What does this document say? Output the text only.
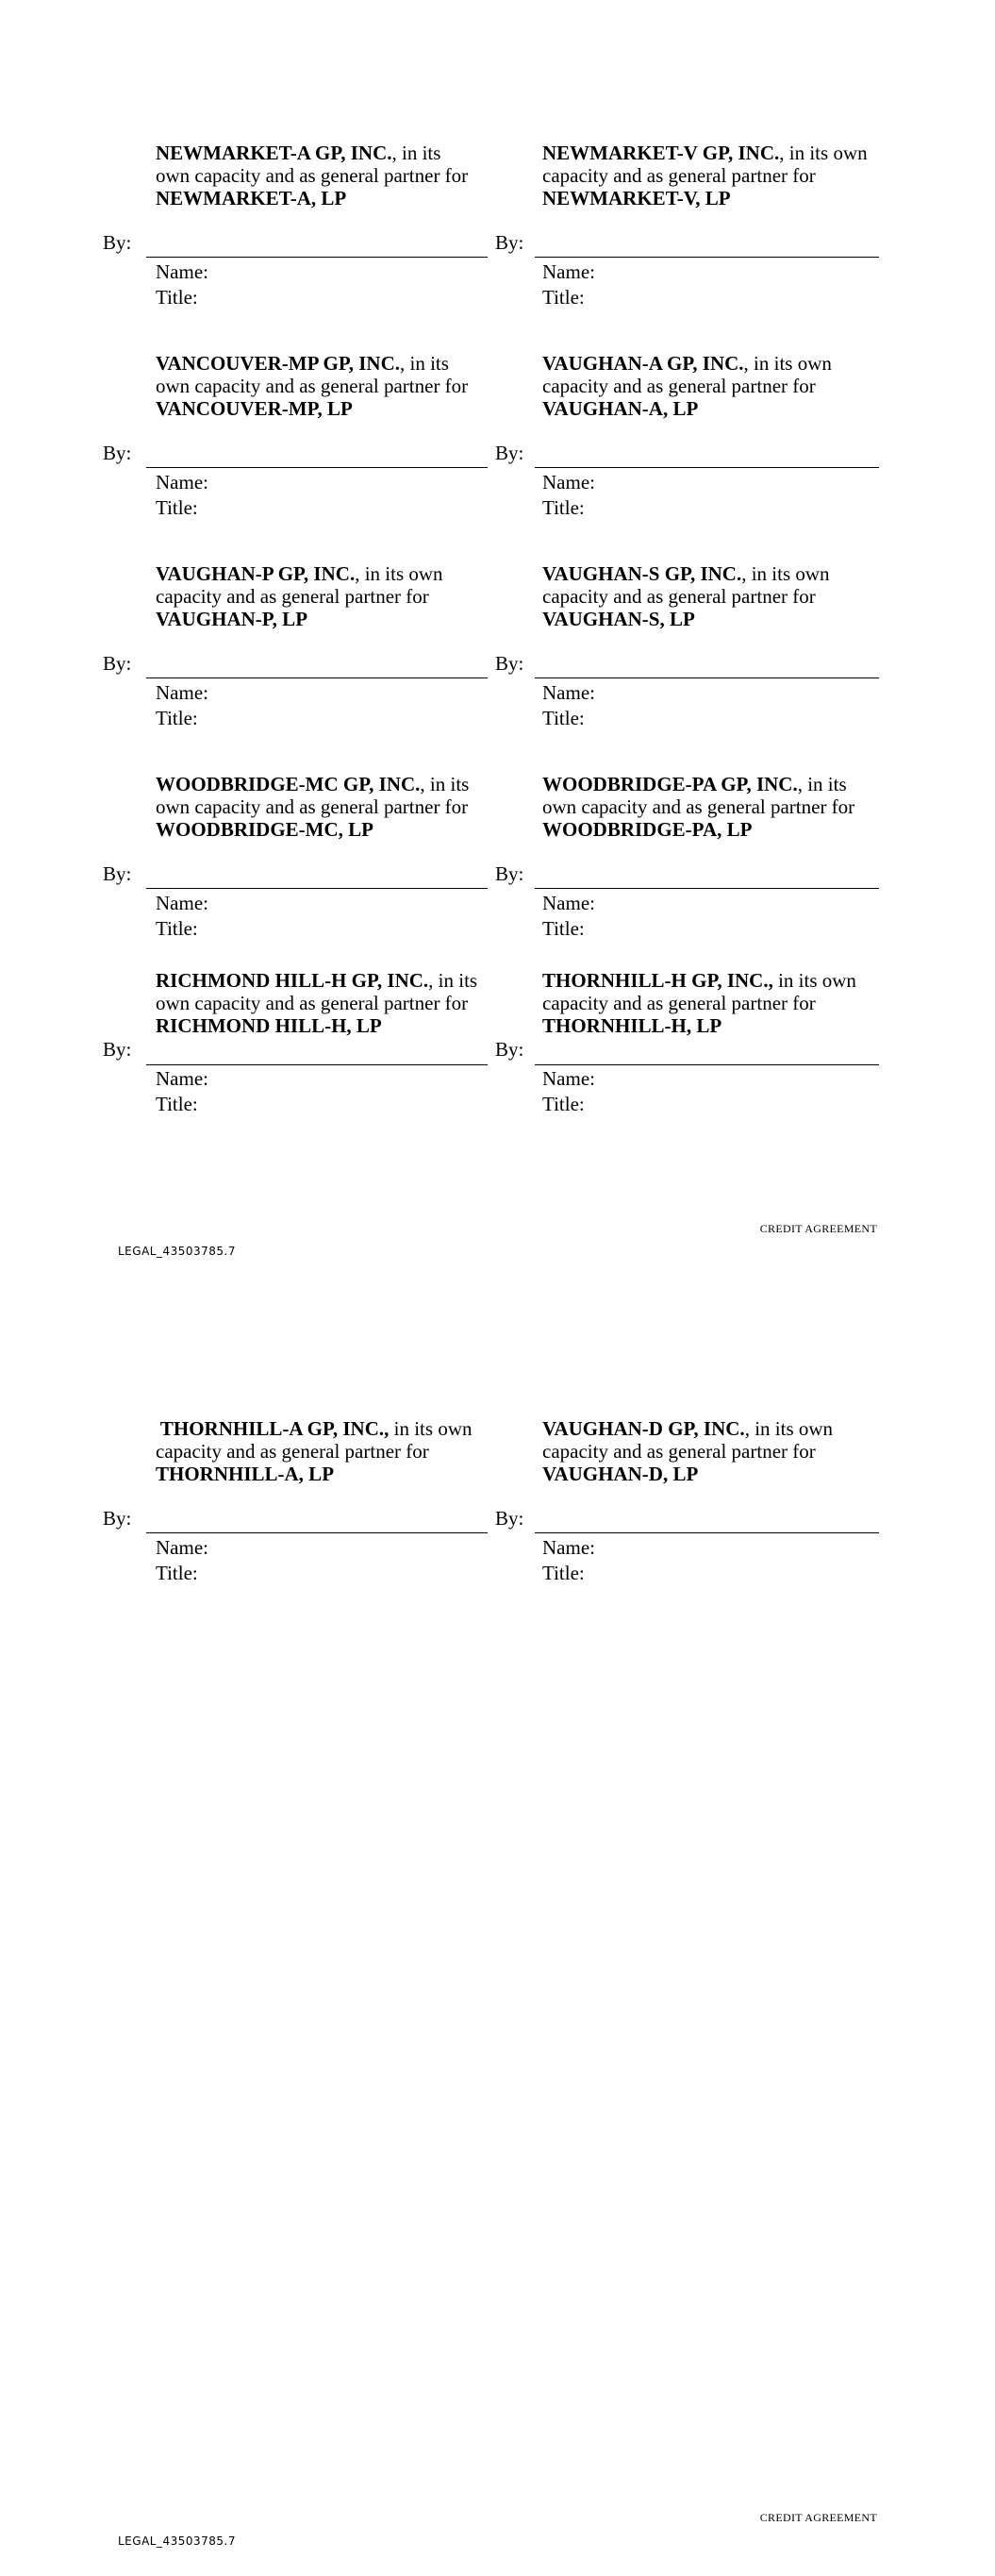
NEWMARKET-A GP, INC., in its
own capacity and as general partner for
NEWMARKET-A, LP
By:
Name:
Title:
NEWMARKET-V GP, INC., in its own
capacity and as general partner for
NEWMARKET-V, LP
By:
Name:
Title:
VANCOUVER-MP GP, INC., in its
own capacity and as general partner for
VANCOUVER-MP, LP
By:
Name:
Title:
VAUGHAN-A GP, INC., in its own
capacity and as general partner for
VAUGHAN-A, LP
By:
Name:
Title:
VAUGHAN-P GP, INC., in its own
capacity and as general partner for
VAUGHAN-P, LP
By:
Name:
Title:
VAUGHAN-S GP, INC., in its own
capacity and as general partner for
VAUGHAN-S, LP
By:
Name:
Title:
WOODBRIDGE-MC GP, INC., in its
own capacity and as general partner for
WOODBRIDGE-MC, LP
By:
Name:
Title:
WOODBRIDGE-PA GP, INC., in its
own capacity and as general partner for
WOODBRIDGE-PA, LP
By:
Name:
Title:
RICHMOND HILL-H GP, INC., in its
own capacity and as general partner for
RICHMOND HILL-H, LP
By:
Name:
Title:
THORNHILL-H GP, INC., in its own
capacity and as general partner for
THORNHILL-H, LP
By:
Name:
Title:
CREDIT AGREEMENT
LEGAL_43503785.7
THORNHILL-A GP, INC., in its own
capacity and as general partner for
THORNHILL-A, LP
By:
Name:
Title:
VAUGHAN-D GP, INC., in its own
capacity and as general partner for
VAUGHAN-D, LP
By:
Name:
Title:
CREDIT AGREEMENT
LEGAL_43503785.7
